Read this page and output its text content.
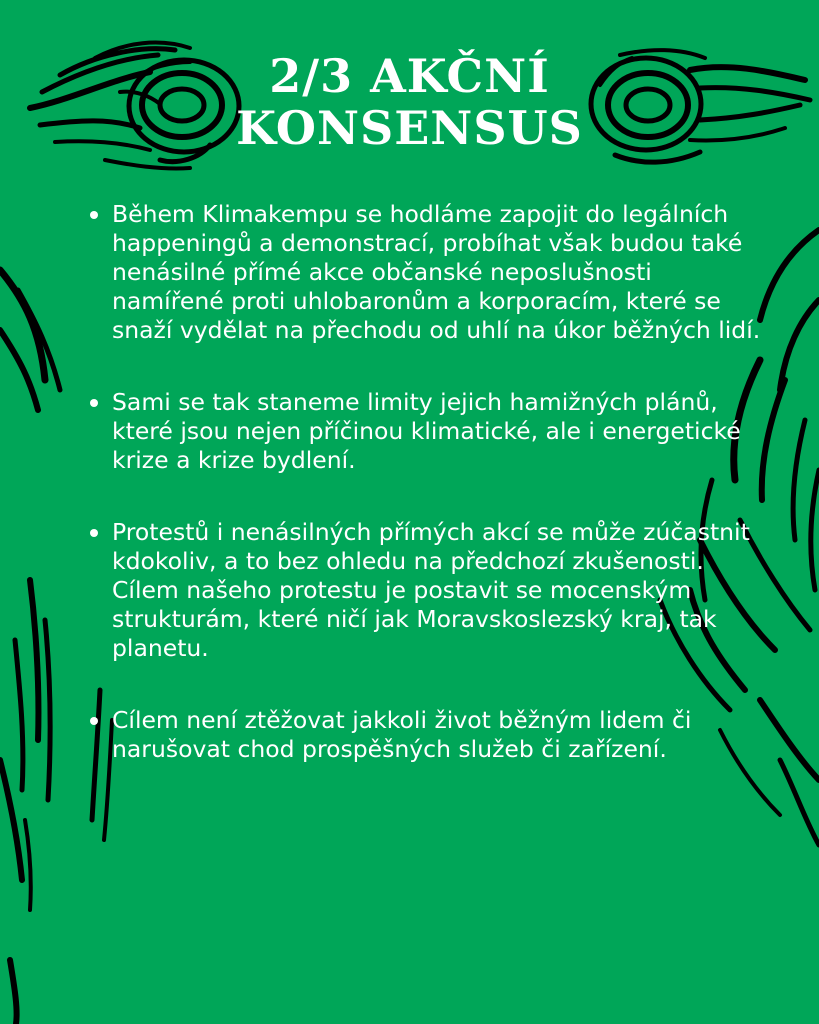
2/3 AKČNÍ
KONSENSUS
Během Klimakempu se hodláme zapojit do legálních happeningů a demonstrací, probíhat však budou také nenásilné přímé akce občanské neposlušnosti namířené proti uhlobaronům a korporacím, které se snaží vydělat na přechodu od uhlí na úkor běžných lidí.
Sami se tak staneme limity jejich hamižných plánů, které jsou nejen příčinou klimatické, ale i energetické krize a krize bydlení.
Protestů i nenásilných přímých akcí se může zúčastnit kdokoliv, a to bez ohledu na předchozí zkušenosti. Cílem našeho protestu je postavit se mocenským strukturám, které ničí jak Moravskoslezský kraj, tak planetu.
Cílem není ztěžovat jakkoli život běžným lidem či narušovat chod prospěšných služeb či zařízení.
